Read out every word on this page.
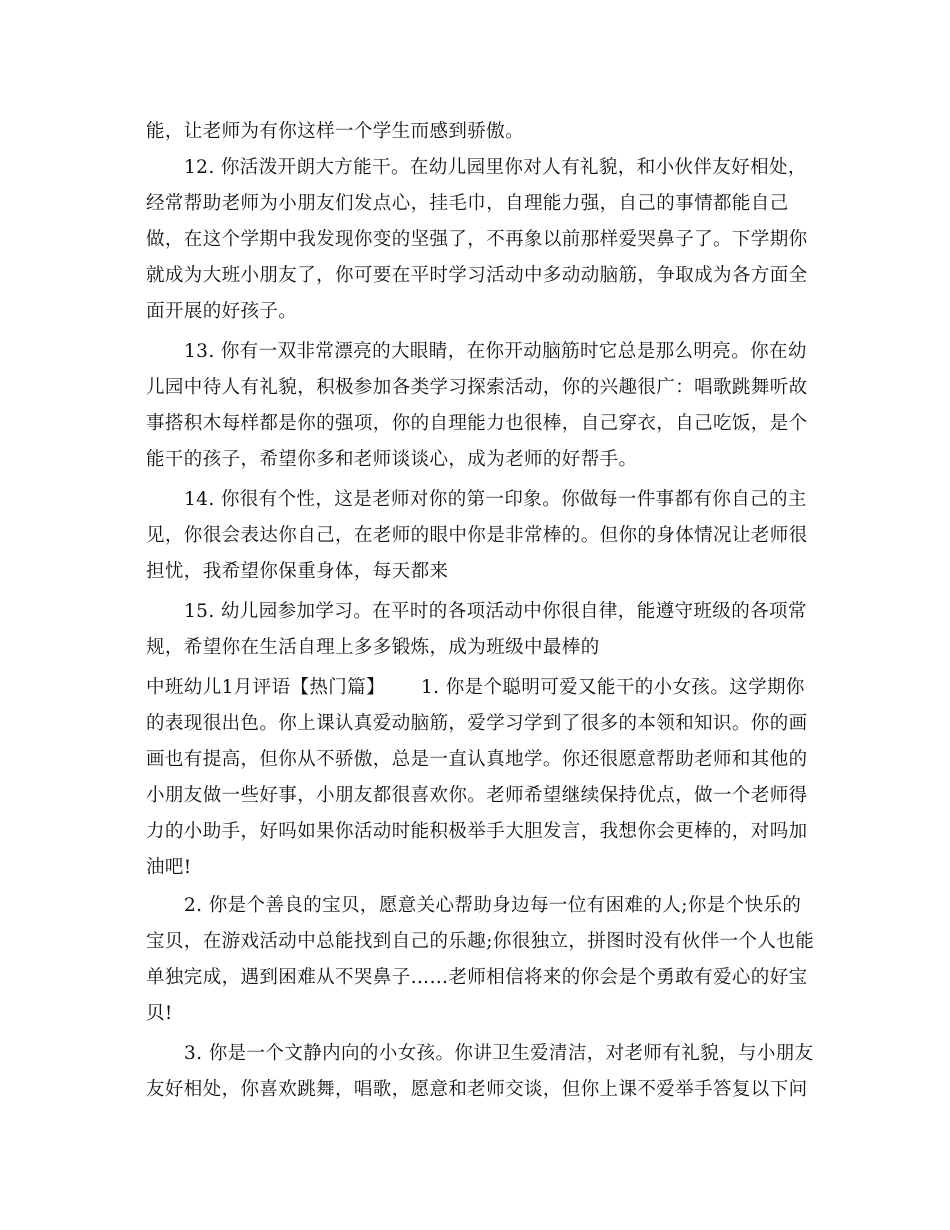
能，让老师为有你这样一个学生而感到骄傲。
12. 你活泼开朗大方能干。在幼儿园里你对人有礼貌，和小伙伴友好相处，
经常帮助老师为小朋友们发点心，挂毛巾，自理能力强，自己的事情都能自己
做，在这个学期中我发现你变的坚强了，不再象以前那样爱哭鼻子了。下学期你
就成为大班小朋友了，你可要在平时学习活动中多动动脑筋，争取成为各方面全
面开展的好孩子。
13. 你有一双非常漂亮的大眼睛，在你开动脑筋时它总是那么明亮。你在幼
儿园中待人有礼貌，积极参加各类学习探索活动，你的兴趣很广：唱歌跳舞听故
事搭积木每样都是你的强项，你的自理能力也很棒，自己穿衣，自己吃饭，是个
能干的孩子，希望你多和老师谈谈心，成为老师的好帮手。
14. 你很有个性，这是老师对你的第一印象。你做每一件事都有你自己的主
见，你很会表达你自己，在老师的眼中你是非常棒的。但你的身体情况让老师很
担忧，我希望你保重身体，每天都来
15. 幼儿园参加学习。在平时的各项活动中你很自律，能遵守班级的各项常
规，希望你在生活自理上多多锻炼，成为班级中最棒的
中班幼儿1月评语【热门篇】 1. 你是个聪明可爱又能干的小女孩。这学期你
的表现很出色。你上课认真爱动脑筋，爱学习学到了很多的本领和知识。你的画
画也有提高，但你从不骄傲，总是一直认真地学。你还很愿意帮助老师和其他的
小朋友做一些好事，小朋友都很喜欢你。老师希望继续保持优点，做一个老师得
力的小助手，好吗如果你活动时能积极举手大胆发言，我想你会更棒的，对吗加
油吧!
2. 你是个善良的宝贝，愿意关心帮助身边每一位有困难的人;你是个快乐的
宝贝，在游戏活动中总能找到自己的乐趣;你很独立，拼图时没有伙伴一个人也能
单独完成，遇到困难从不哭鼻子……老师相信将来的你会是个勇敢有爱心的好宝
贝!
3. 你是一个文静内向的小女孩。你讲卫生爱清洁，对老师有礼貌，与小朋友
友好相处，你喜欢跳舞，唱歌，愿意和老师交谈，但你上课不爱举手答复以下问
